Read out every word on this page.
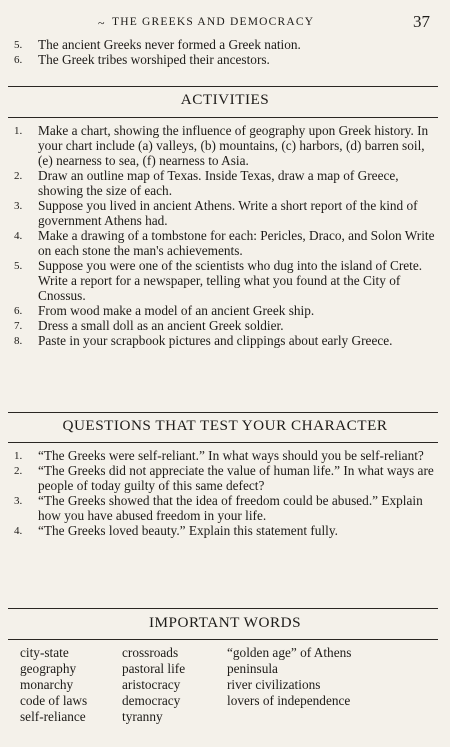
~ THE GREEKS AND DEMOCRACY	37
5. The ancient Greeks never formed a Greek nation.
6. The Greek tribes worshiped their ancestors.
ACTIVITIES
1. Make a chart, showing the influence of geography upon Greek history. In your chart include (a) valleys, (b) mountains, (c) harbors, (d) barren soil, (e) nearness to sea, (f) nearness to Asia.
2. Draw an outline map of Texas. Inside Texas, draw a map of Greece, showing the size of each.
3. Suppose you lived in ancient Athens. Write a short report of the kind of government Athens had.
4. Make a drawing of a tombstone for each: Pericles, Draco, and Solon Write on each stone the man's achievements.
5. Suppose you were one of the scientists who dug into the island of Crete. Write a report for a newspaper, telling what you found at the City of Cnossus.
6. From wood make a model of an ancient Greek ship.
7. Dress a small doll as an ancient Greek soldier.
8. Paste in your scrapbook pictures and clippings about early Greece.
QUESTIONS THAT TEST YOUR CHARACTER
1. “The Greeks were self-reliant.” In what ways should you be self-reliant?
2. “The Greeks did not appreciate the value of human life.” In what ways are people of today guilty of this same defect?
3. “The Greeks showed that the idea of freedom could be abused.” Explain how you have abused freedom in your life.
4. “The Greeks loved beauty.” Explain this statement fully.
IMPORTANT WORDS
city-state
geography
monarchy
code of laws
self-reliance
crossroads
pastoral life
aristocracy
democracy
tyranny
“golden age” of Athens
peninsula
river civilizations
lovers of independence
